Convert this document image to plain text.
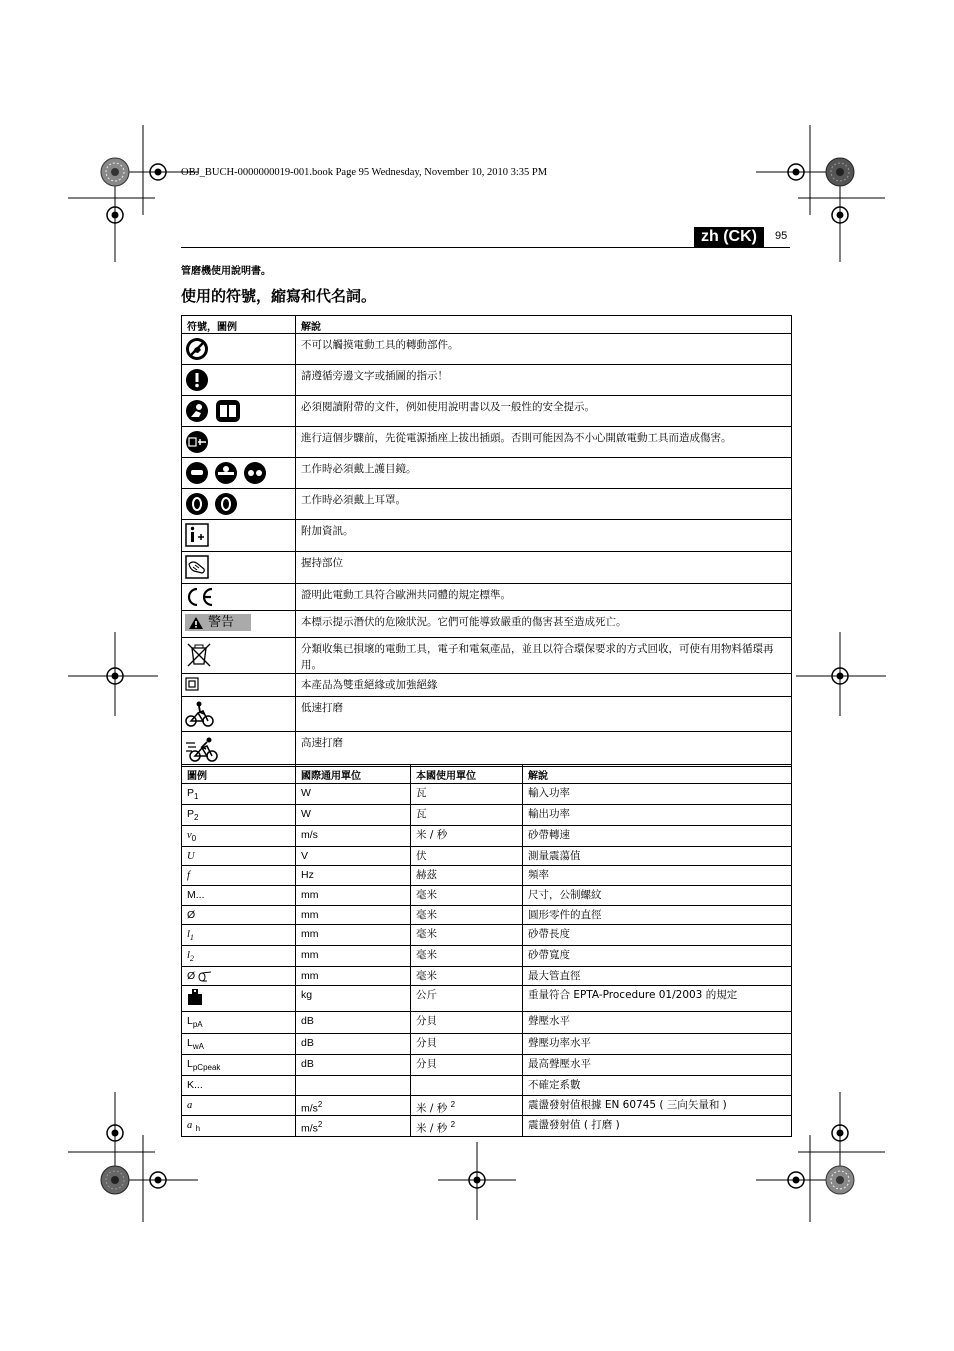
OBJ_BUCH-0000000019-001.book Page 95 Wednesday, November 10, 2010 3:35 PM
zh (CK)	95
管磨機使用說明書。
使用的符號，縮寫和代名詞。
符號，圖例	解說
	不可以觸摸電動工具的轉動部件。
	請遵循旁邊文字或插圖的指示！
	必須閱讀附帶的文件，例如使用說明書以及一般性的安全提示。
	進行這個步驟前，先從電源插座上拔出插頭。否則可能因為不小心開啟電動工具而造成傷害。
	工作時必須戴上護目鏡。
	工作時必須戴上耳罩。
	附加資訊。
	握持部位
	證明此電動工具符合歐洲共同體的規定標準。

警告	本標示提示潛伏的危險狀況。它們可能導致嚴重的傷害甚至造成死亡。
	分類收集已損壞的電動工具，電子和電氣產品，並且以符合環保要求的方式回收，可使有用物料循環再用。
	本產品為雙重絕緣或加強絕緣
	低速打磨
	高速打磨
圖例	國際通用單位	本國使用單位	解說
$P_1$	W	瓦	輸入功率
$P_2$	W	瓦	輸出功率
$v_0$	m/s	米 / 秒	砂帶轉速
U	V	伏	測量震蕩值
f	Hz	赫茲	頻率
M...	mm	毫米	尺寸，公制螺紋
Ø	mm	毫米	圓形零件的直徑
$l_1$	mm	毫米	砂帶長度
$l_2$	mm	毫米	砂帶寬度
Ø	mm	毫米	最大管直徑
	kg	公斤	重量符合 EPTA-Procedure 01/2003 的規定
$L_{pA}$	dB	分貝	聲壓水平
$L_{wA}$	dB	分貝	聲壓功率水平
$L_{pCpeak}$	dB	分貝	最高聲壓水平
K...			不確定系數
a	$m/s^2$	米 / 秒 $^2$	震盪發射值根據 EN 60745 ( 三向矢量和 )
a $_h$	$m/s^2$	米 / 秒 $^2$	震盪發射值 ( 打磨 )
